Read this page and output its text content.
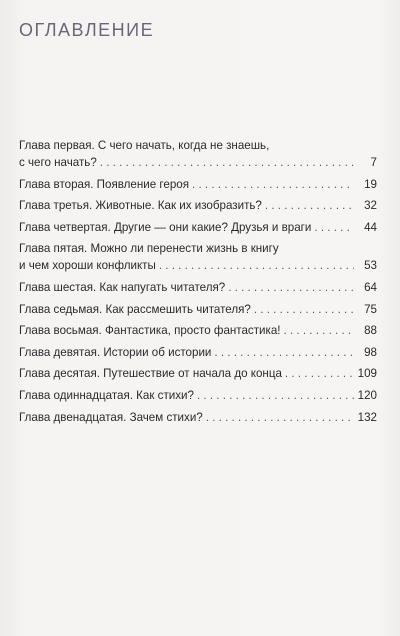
ОГЛАВЛЕНИЕ
Глава первая. С чего начать, когда не знаешь,
с чего начать? . . .	7
Глава вторая. Появление героя . . .	19
Глава третья. Животные. Как их изобразить? . . .	32
Глава четвертая. Другие — они какие? Друзья и враги . . .	44
Глава пятая. Можно ли перенести жизнь в книгу
и чем хороши конфликты . . .	53
Глава шестая. Как напугать читателя? . . .	64
Глава седьмая. Как рассмешить читателя? . . .	75
Глава восьмая. Фантастика, просто фантастика! . . .	88
Глава девятая. Истории об истории . . .	98
Глава десятая. Путешествие от начала до конца . . .	109
Глава одиннадцатая. Как стихи? . . .	120
Глава двенадцатая. Зачем стихи? . . .	132
